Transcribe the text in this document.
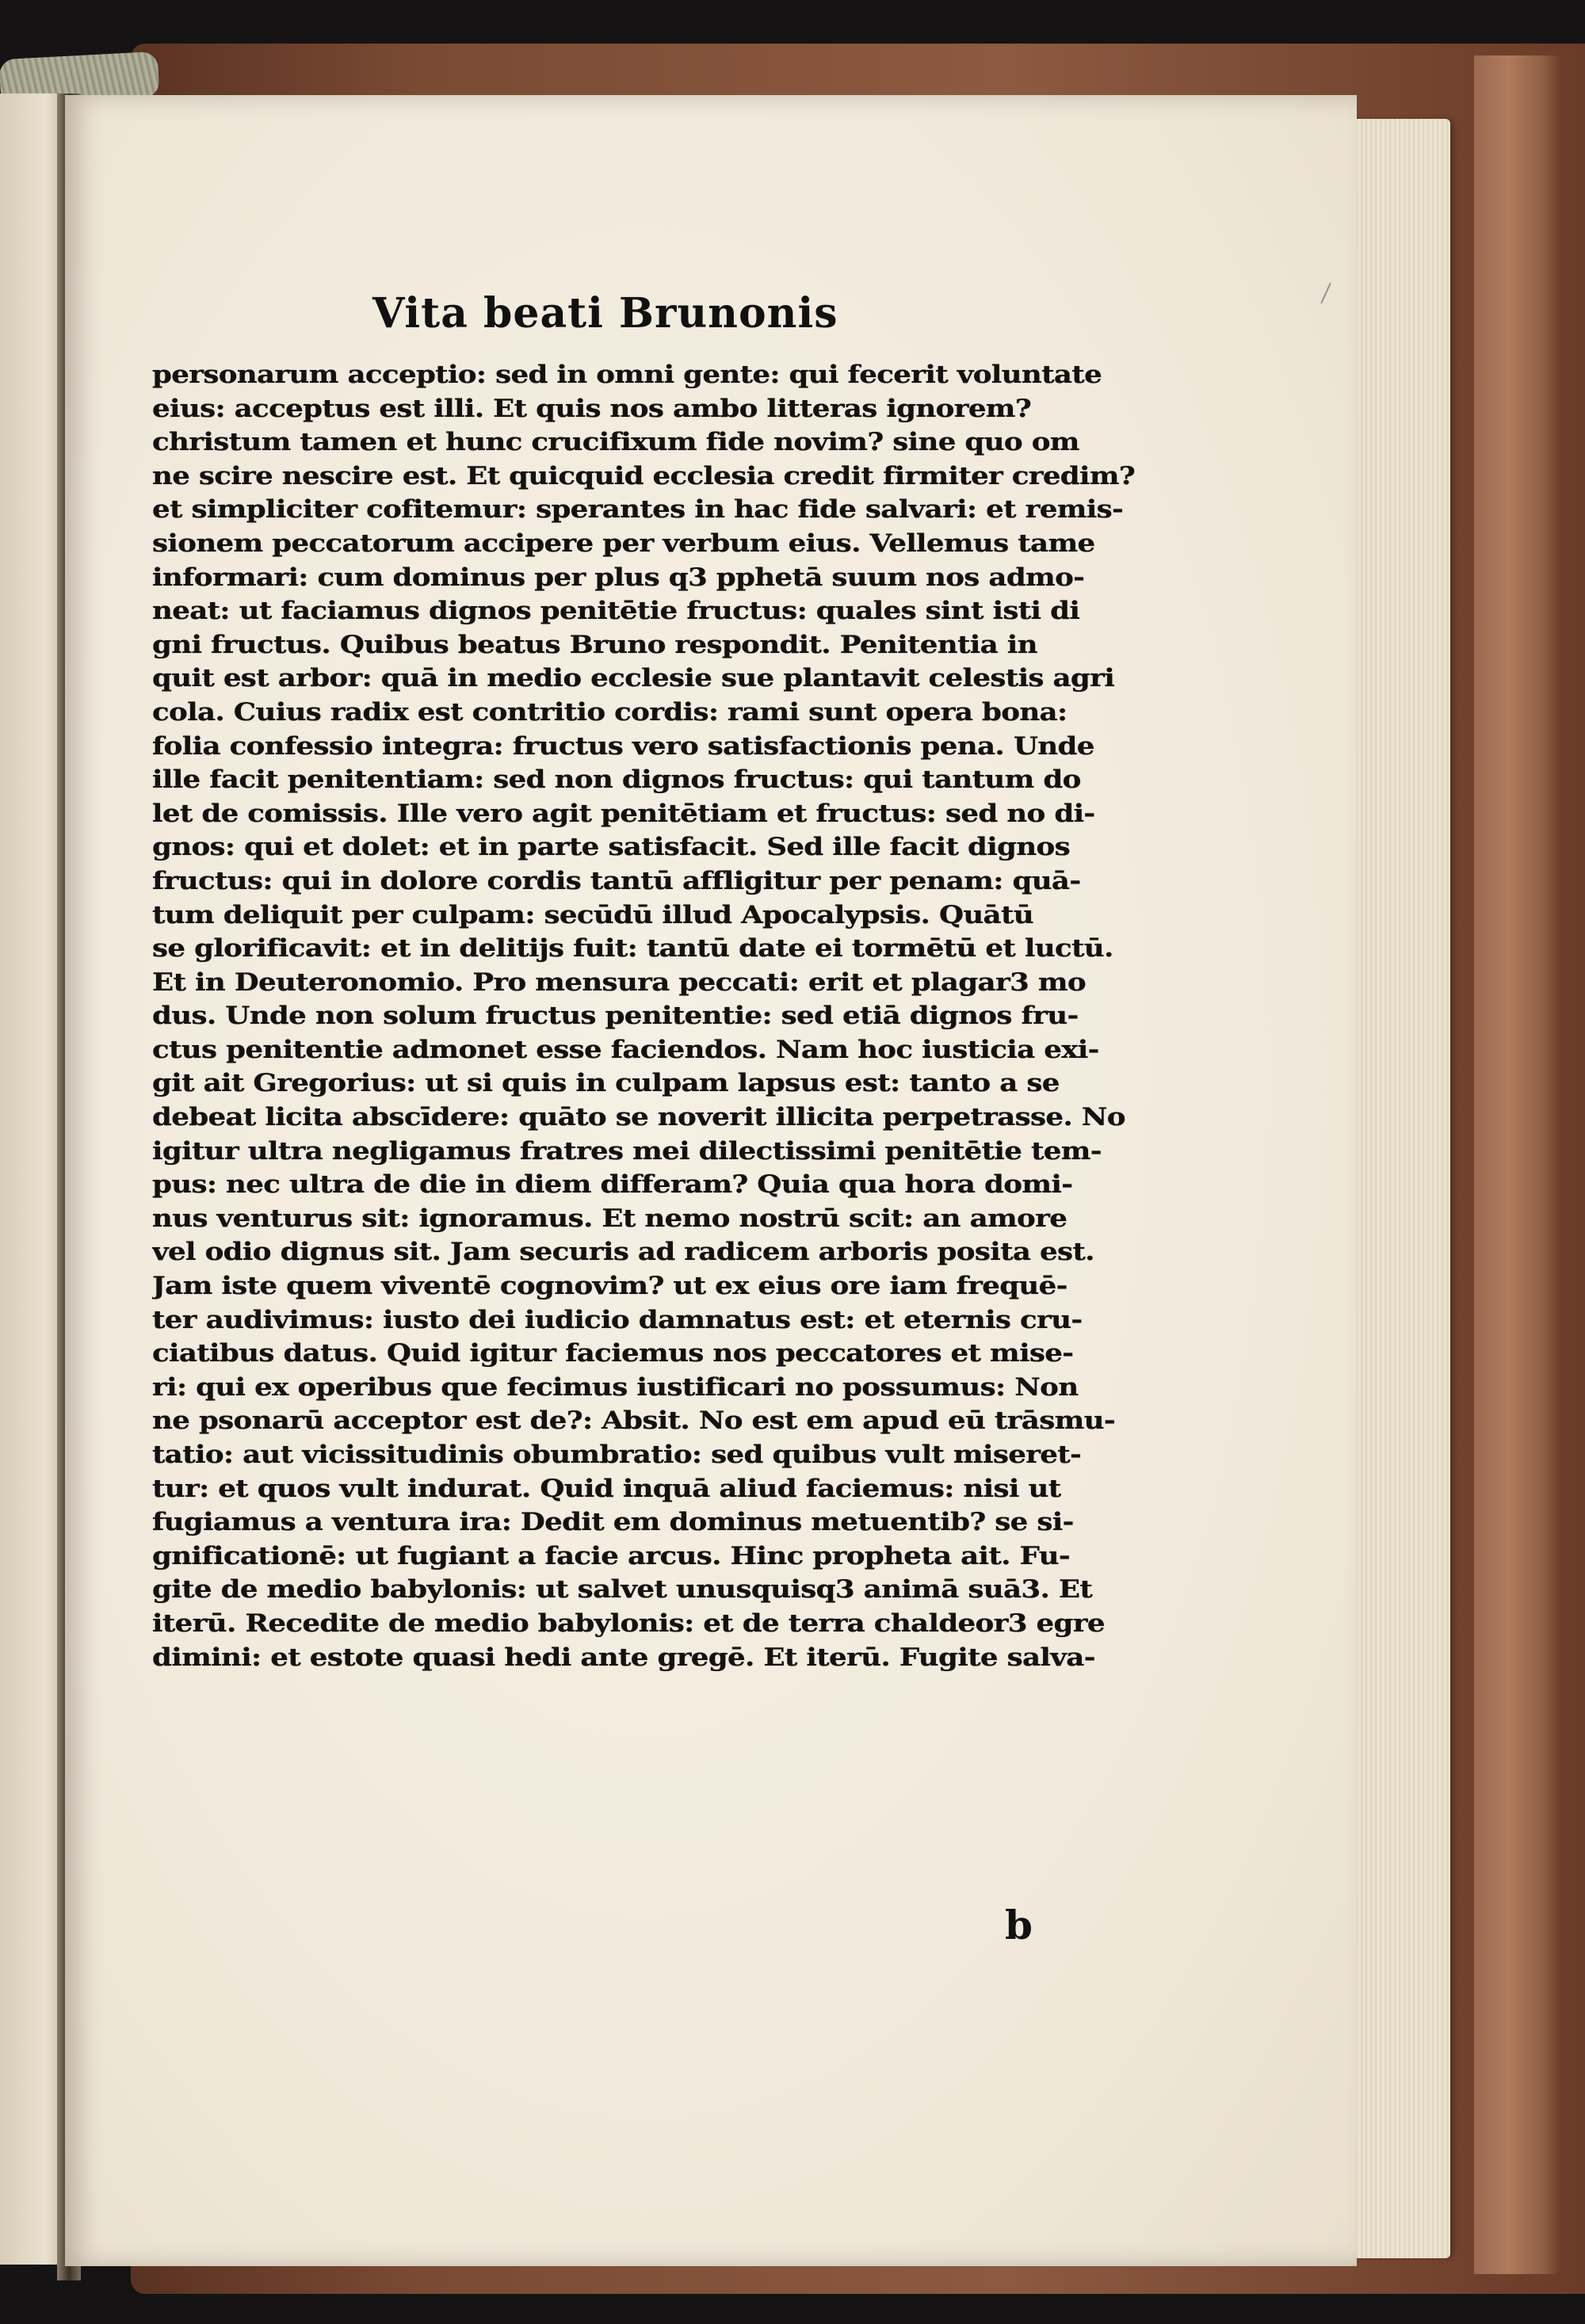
Vita beati Brunonis
personarum acceptio: sed in omni gente: qui fecerit voluntate
eius: acceptus est illi. Et quis nos ambo litteras ignorem?
christum tamen et hunc crucifixum fide novim? sine quo om
ne scire nescire est. Et quicquid ecclesia credit firmiter credim?
et simpliciter cofitemur: sperantes in hac fide salvari: et remis-
sionem peccatorum accipere per verbum eius. Vellemus tame
informari: cum dominus per plus q3 pphetā suum nos admo-
neat: ut faciamus dignos penitētie fructus: quales sint isti di
gni fructus. Quibus beatus Bruno respondit. Penitentia in
quit est arbor: quā in medio ecclesie sue plantavit celestis agri
cola. Cuius radix est contritio cordis: rami sunt opera bona:
folia confessio integra: fructus vero satisfactionis pena. Unde
ille facit penitentiam: sed non dignos fructus: qui tantum do
let de comissis. Ille vero agit penitētiam et fructus: sed no di-
gnos: qui et dolet: et in parte satisfacit. Sed ille facit dignos
fructus: qui in dolore cordis tantū affligitur per penam: quā-
tum deliquit per culpam: secūdū illud Apocalypsis. Quātū
se glorificavit: et in delitijs fuit: tantū date ei tormētū et luctū.
Et in Deuteronomio. Pro mensura peccati: erit et plagar3 mo
dus. Unde non solum fructus penitentie: sed etiā dignos fru-
ctus penitentie admonet esse faciendos. Nam hoc iusticia exi-
git ait Gregorius: ut si quis in culpam lapsus est: tanto a se
debeat licita abscīdere: quāto se noverit illicita perpetrasse. No
igitur ultra negligamus fratres mei dilectissimi penitētie tem-
pus: nec ultra de die in diem differam? Quia qua hora domi-
nus venturus sit: ignoramus. Et nemo nostrū scit: an amore
vel odio dignus sit. Jam securis ad radicem arboris posita est.
Jam iste quem viventē cognovim? ut ex eius ore iam frequē-
ter audivimus: iusto dei iudicio damnatus est: et eternis cru-
ciatibus datus. Quid igitur faciemus nos peccatores et mise-
ri: qui ex operibus que fecimus iustificari no possumus: Non
ne psonarū acceptor est de?: Absit. No est em apud eū trāsmu-
tatio: aut vicissitudinis obumbratio: sed quibus vult miseret-
tur: et quos vult indurat. Quid inquā aliud faciemus: nisi ut
fugiamus a ventura ira: Dedit em dominus metuentib? se si-
gnificationē: ut fugiant a facie arcus. Hinc propheta ait. Fu-
gite de medio babylonis: ut salvet unusquisq3 animā suā3. Et
iterū. Recedite de medio babylonis: et de terra chaldeor3 egre
dimini: et estote quasi hedi ante gregē. Et iterū. Fugite salva-
b
